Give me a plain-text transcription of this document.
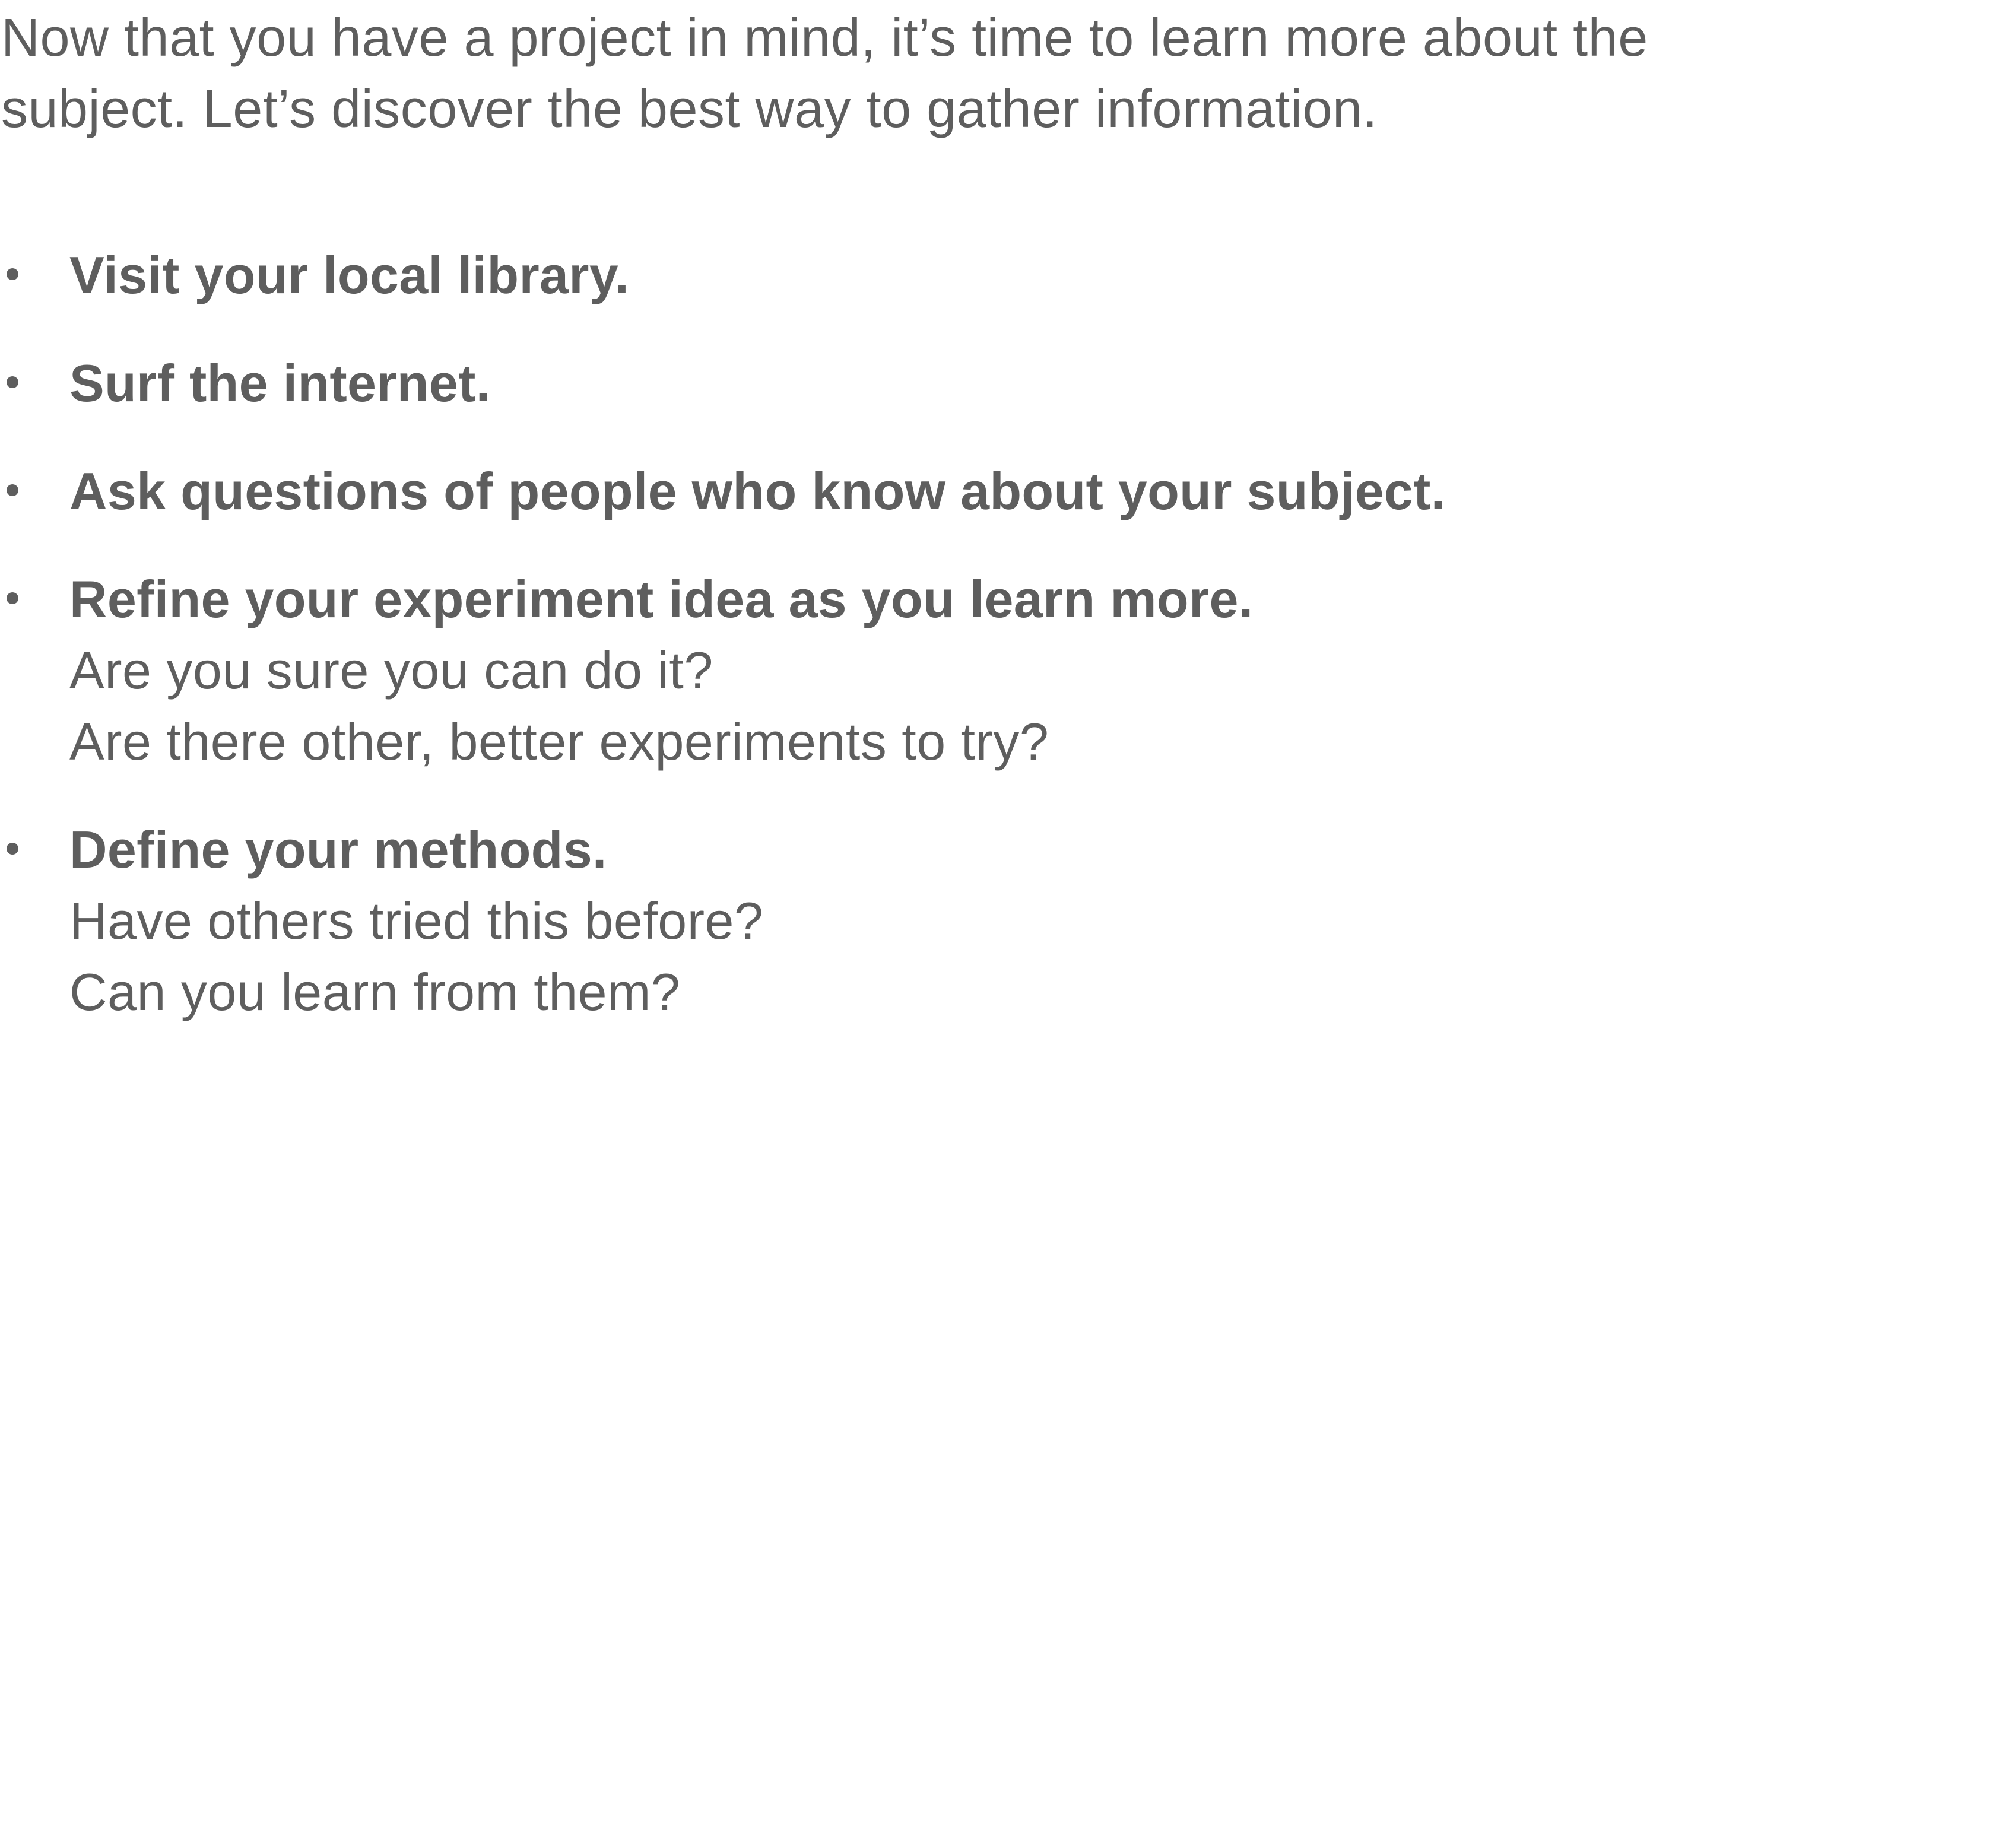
Now that you have a project in mind, it’s time to learn more about the
subject. Let’s discover the best way to gather information.

Visit your local library.
Surf the internet.
Ask questions of people who know about your subject.
Refine your experiment idea as you learn more.
Are you sure you can do it?
Are there other, better experiments to try?
Define your methods.
Have others tried this before?
Can you learn from them?
